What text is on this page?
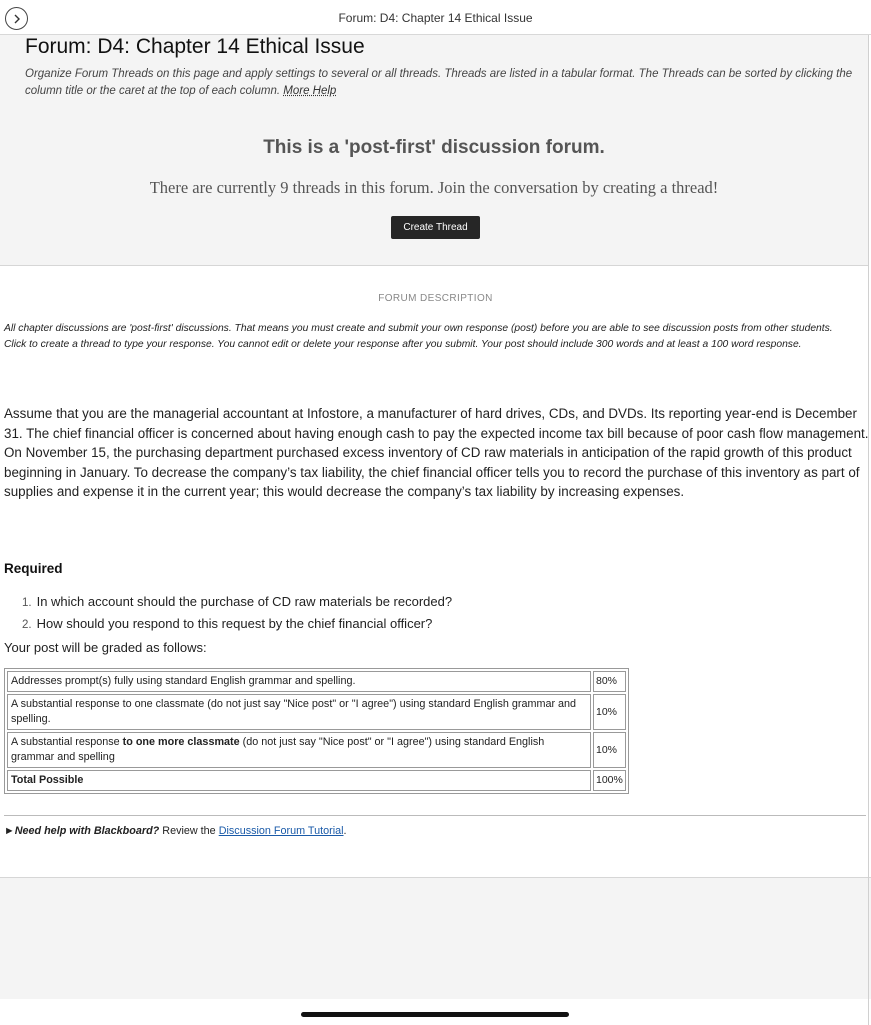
Forum: D4: Chapter 14 Ethical Issue
Forum: D4: Chapter 14 Ethical Issue

Organize Forum Threads on this page and apply settings to several or all threads. Threads are listed in a tabular format. The Threads can be sorted by clicking the column title or the caret at the top of each column. More Help

This is a 'post-first' discussion forum.

There are currently 9 threads in this forum. Join the conversation by creating a thread!

Create Thread
FORUM DESCRIPTION

All chapter discussions are 'post-first' discussions. That means you must create and submit your own response (post) before you are able to see discussion posts from other students. Click to create a thread to type your response. You cannot edit or delete your response after you submit. Your post should include 300 words and at least a 100 word response.

Assume that you are the managerial accountant at Infostore, a manufacturer of hard drives, CDs, and DVDs. Its reporting year-end is December 31. The chief financial officer is concerned about having enough cash to pay the expected income tax bill because of poor cash flow management. On November 15, the purchasing department purchased excess inventory of CD raw materials in anticipation of the rapid growth of this product beginning in January. To decrease the company’s tax liability, the chief financial officer tells you to record the purchase of this inventory as part of supplies and expense it in the current year; this would decrease the company’s tax liability by increasing expenses.

Required

1. In which account should the purchase of CD raw materials be recorded?
2. How should you respond to this request by the chief financial officer?

Your post will be graded as follows:

Addresses prompt(s) fully using standard English grammar and spelling.	80%
A substantial response to one classmate (do not just say "Nice post" or "I agree") using standard English grammar and spelling.	10%
A substantial response to one more classmate (do not just say "Nice post" or "I agree") using standard English grammar and spelling	10%
Total Possible	100%

►Need help with Blackboard? Review the Discussion Forum Tutorial.
